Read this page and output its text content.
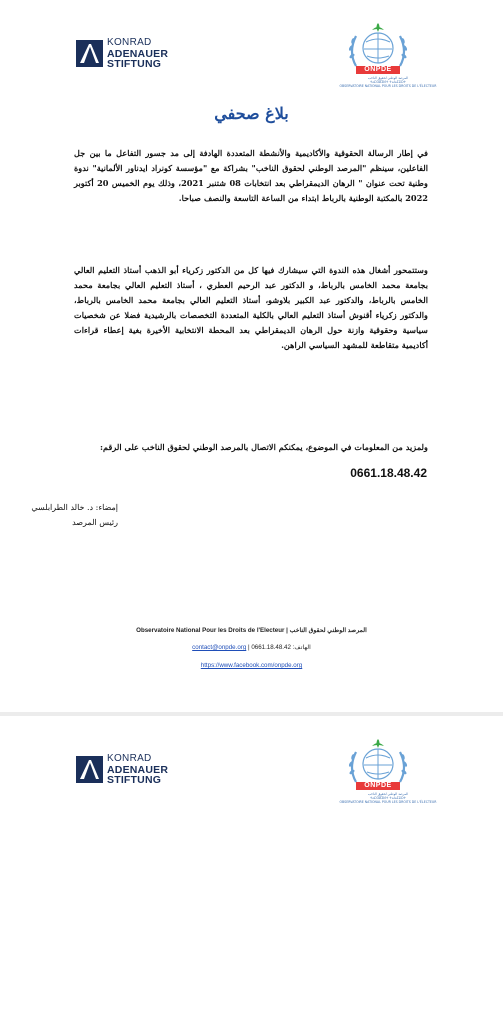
KONRAD
ADENAUER
STIFTUNG	ONPDE
المرصد الوطني لحقوق الناخب
ⵜⴰⵎⵙⴽⵉⵍⵜ ⵜⴰⵏⴰⵎⵓⵔⵜ
OBSERVATOIRE NATIONAL POUR LES DROITS DE L'ÉLECTEUR
بلاغ صحفي

في إطار الرسالة الحقوقية والأكاديمية والأنشطة المتعددة الهادفة إلى مد جسور التفاعل ما بين جل الفاعلين، سينظم "المرصد الوطني لحقوق الناخب" بشراكة مع "مؤسسة كونراد ايدناور الألمانية" ندوة وطنية تحت عنوان " الرهان الديمقراطي بعد انتخابات 08 شتنبر 2021، وذلك يوم الخميس 20 أكتوبر 2022 بالمكتبة الوطنية بالرباط ابتداء من الساعة التاسعة والنصف صباحا.

وستتمحور أشغال هذه الندوة التي سيشارك فيها كل من الدكتور زكرياء أبو الذهب أستاذ التعليم العالي بجامعة محمد الخامس بالرباط، و الدكتور عبد الرحيم العطري ، أستاذ التعليم العالي بجامعة محمد الخامس بالرباط، والدكتور عبد الكبير بلاوشو، أستاذ التعليم العالي بجامعة محمد الخامس بالرباط، والدكتور زكرياء أقنوش أستاذ التعليم العالي بالكلية المتعددة التخصصات بالرشيدية فضلا عن شخصيات سياسية وحقوقية وازنة حول الرهان الديمقراطي بعد المحطة الانتخابية الأخيرة بغية إعطاء قراءات أكاديمية متقاطعة للمشهد السياسي الراهن.

ولمزيد من المعلومات في الموضوع، يمكنكم الاتصال بالمرصد الوطني لحقوق الناخب على الرقم:

0661.18.48.42
إمضاء: د. خالد الطرابلسي
رئيس المرصد
Observatoire National Pour les Droits de l'Electeur | المرصد الوطني لحقوق الناخب
contact@onpde.org | 0661.18.48.42 :الهاتف
https://www.facebook.com/onpde.org
KONRAD
ADENAUER
STIFTUNG	ONPDE
المرصد الوطني لحقوق الناخب
ⵜⴰⵎⵙⴽⵉⵍⵜ ⵜⴰⵏⴰⵎⵓⵔⵜ
OBSERVATOIRE NATIONAL POUR LES DROITS DE L'ÉLECTEUR
